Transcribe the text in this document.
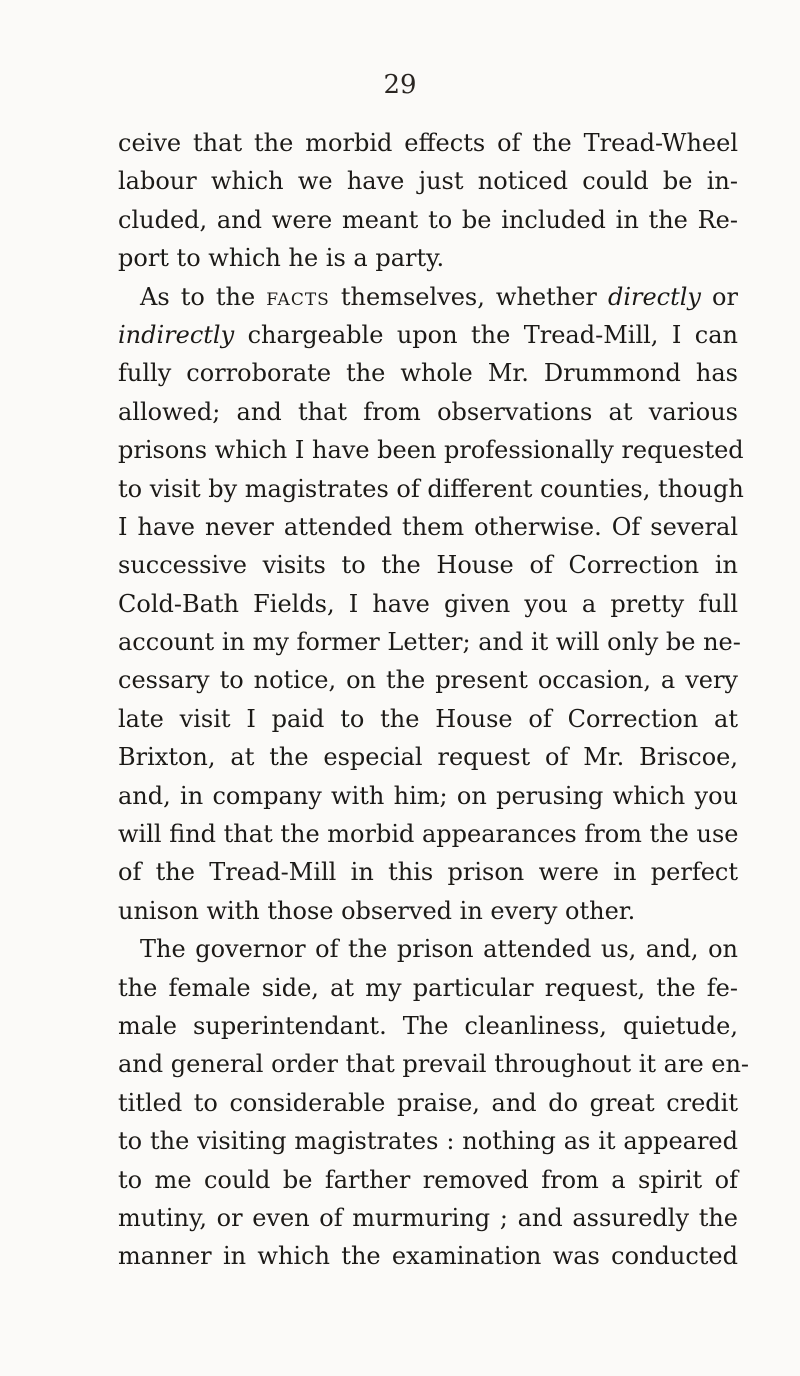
29
ceive that the morbid effects of the Tread-Wheel
labour which we have just noticed could be in-
cluded, and were meant to be included in the Re-
port to which he is a party.
As to the facts themselves, whether directly or
indirectly chargeable upon the Tread-Mill, I can
fully corroborate the whole Mr. Drummond has
allowed; and that from observations at various
prisons which I have been professionally requested
to visit by magistrates of different counties, though
I have never attended them otherwise. Of several
successive visits to the House of Correction in
Cold-Bath Fields, I have given you a pretty full
account in my former Letter; and it will only be ne-
cessary to notice, on the present occasion, a very
late visit I paid to the House of Correction at
Brixton, at the especial request of Mr. Briscoe,
and, in company with him; on perusing which you
will find that the morbid appearances from the use
of the Tread-Mill in this prison were in perfect
unison with those observed in every other.
The governor of the prison attended us, and, on
the female side, at my particular request, the fe-
male superintendant. The cleanliness, quietude,
and general order that prevail throughout it are en-
titled to considerable praise, and do great credit
to the visiting magistrates : nothing as it appeared
to me could be farther removed from a spirit of
mutiny, or even of murmuring ; and assuredly the
manner in which the examination was conducted
